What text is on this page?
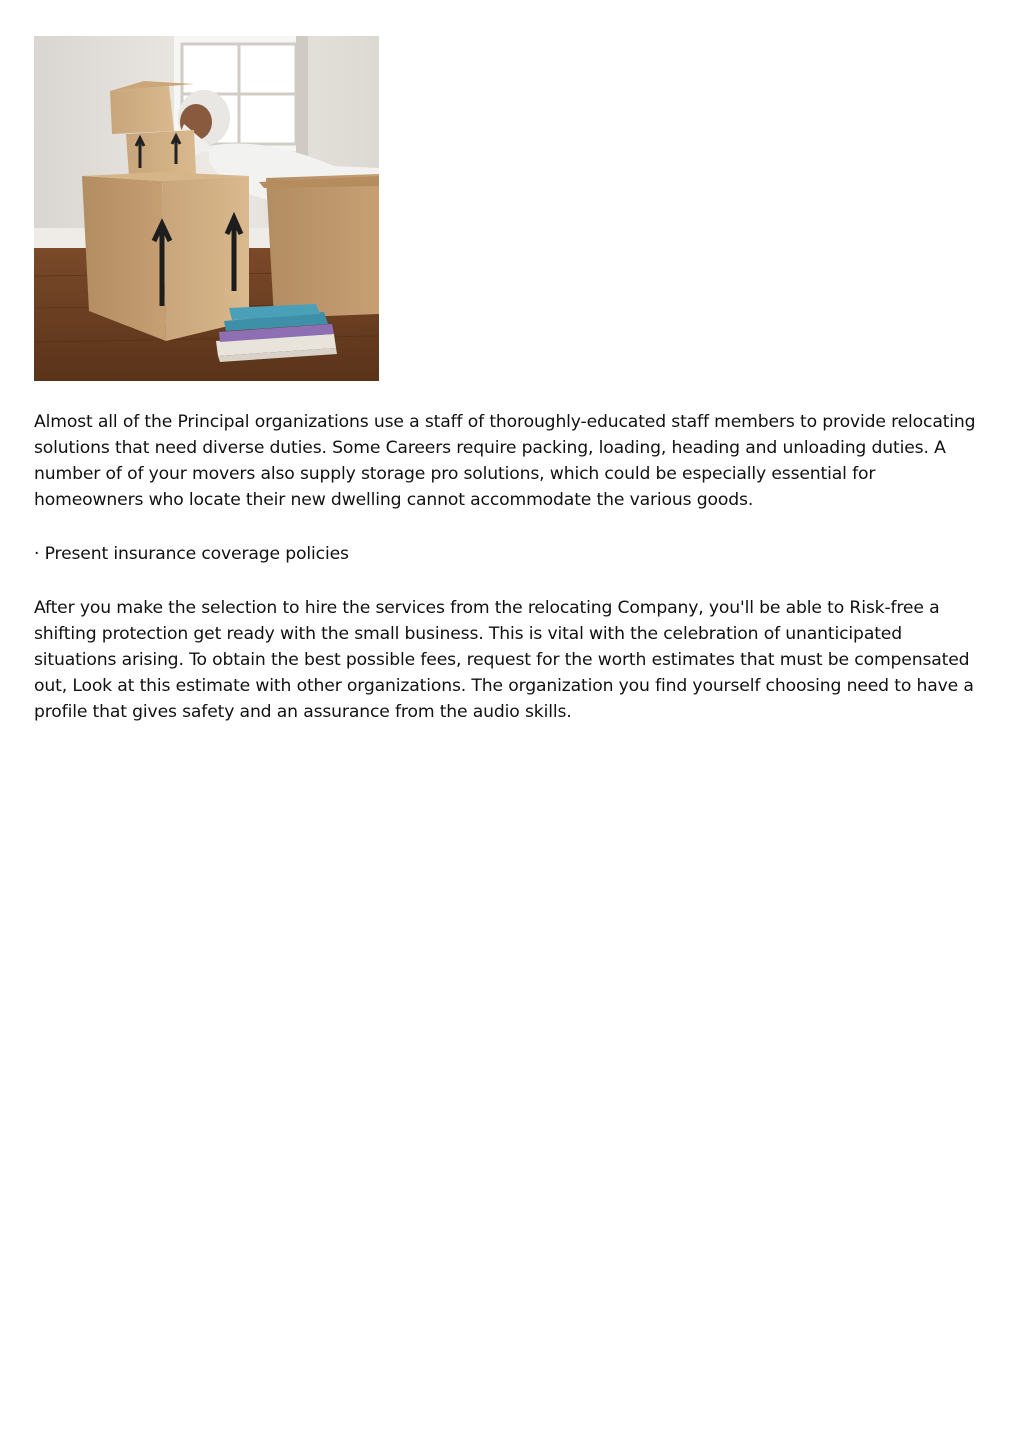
Almost all of the Principal organizations use a staff of thoroughly-educated staff members to provide relocating solutions that need diverse duties. Some Careers require packing, loading, heading and unloading duties. A number of of your movers also supply storage pro solutions, which could be especially essential for homeowners who locate their new dwelling cannot accommodate the various goods.

· Present insurance coverage policies

After you make the selection to hire the services from the relocating Company, you'll be able to Risk-free a shifting protection get ready with the small business. This is vital with the celebration of unanticipated situations arising. To obtain the best possible fees, request for the worth estimates that must be compensated out, Look at this estimate with other organizations. The organization you find yourself choosing need to have a profile that gives safety and an assurance from the audio skills.
